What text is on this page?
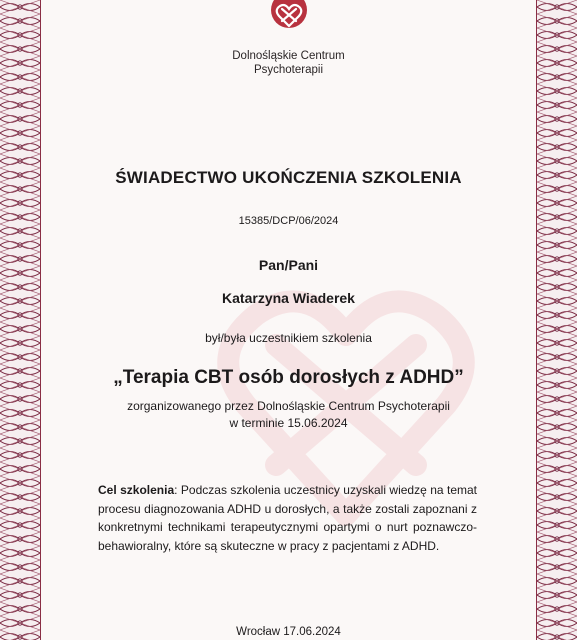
Dolnośląskie Centrum
Psychoterapii
ŚWIADECTWO UKOŃCZENIA SZKOLENIA
15385/DCP/06/2024
Pan/Pani
Katarzyna Wiaderek
był/była uczestnikiem szkolenia
„Terapia CBT osób dorosłych z ADHD”
zorganizowanego przez Dolnośląskie Centrum Psychoterapii
w terminie 15.06.2024
Cel szkolenia: Podczas szkolenia uczestnicy uzyskali wiedzę na temat procesu diagnozowania ADHD u dorosłych, a także zostali zapoznani z konkretnymi technikami terapeutycznymi opartymi o nurt poznawczo-behawioralny, które są skuteczne w pracy z pacjentami z ADHD.
Wrocław 17.06.2024
